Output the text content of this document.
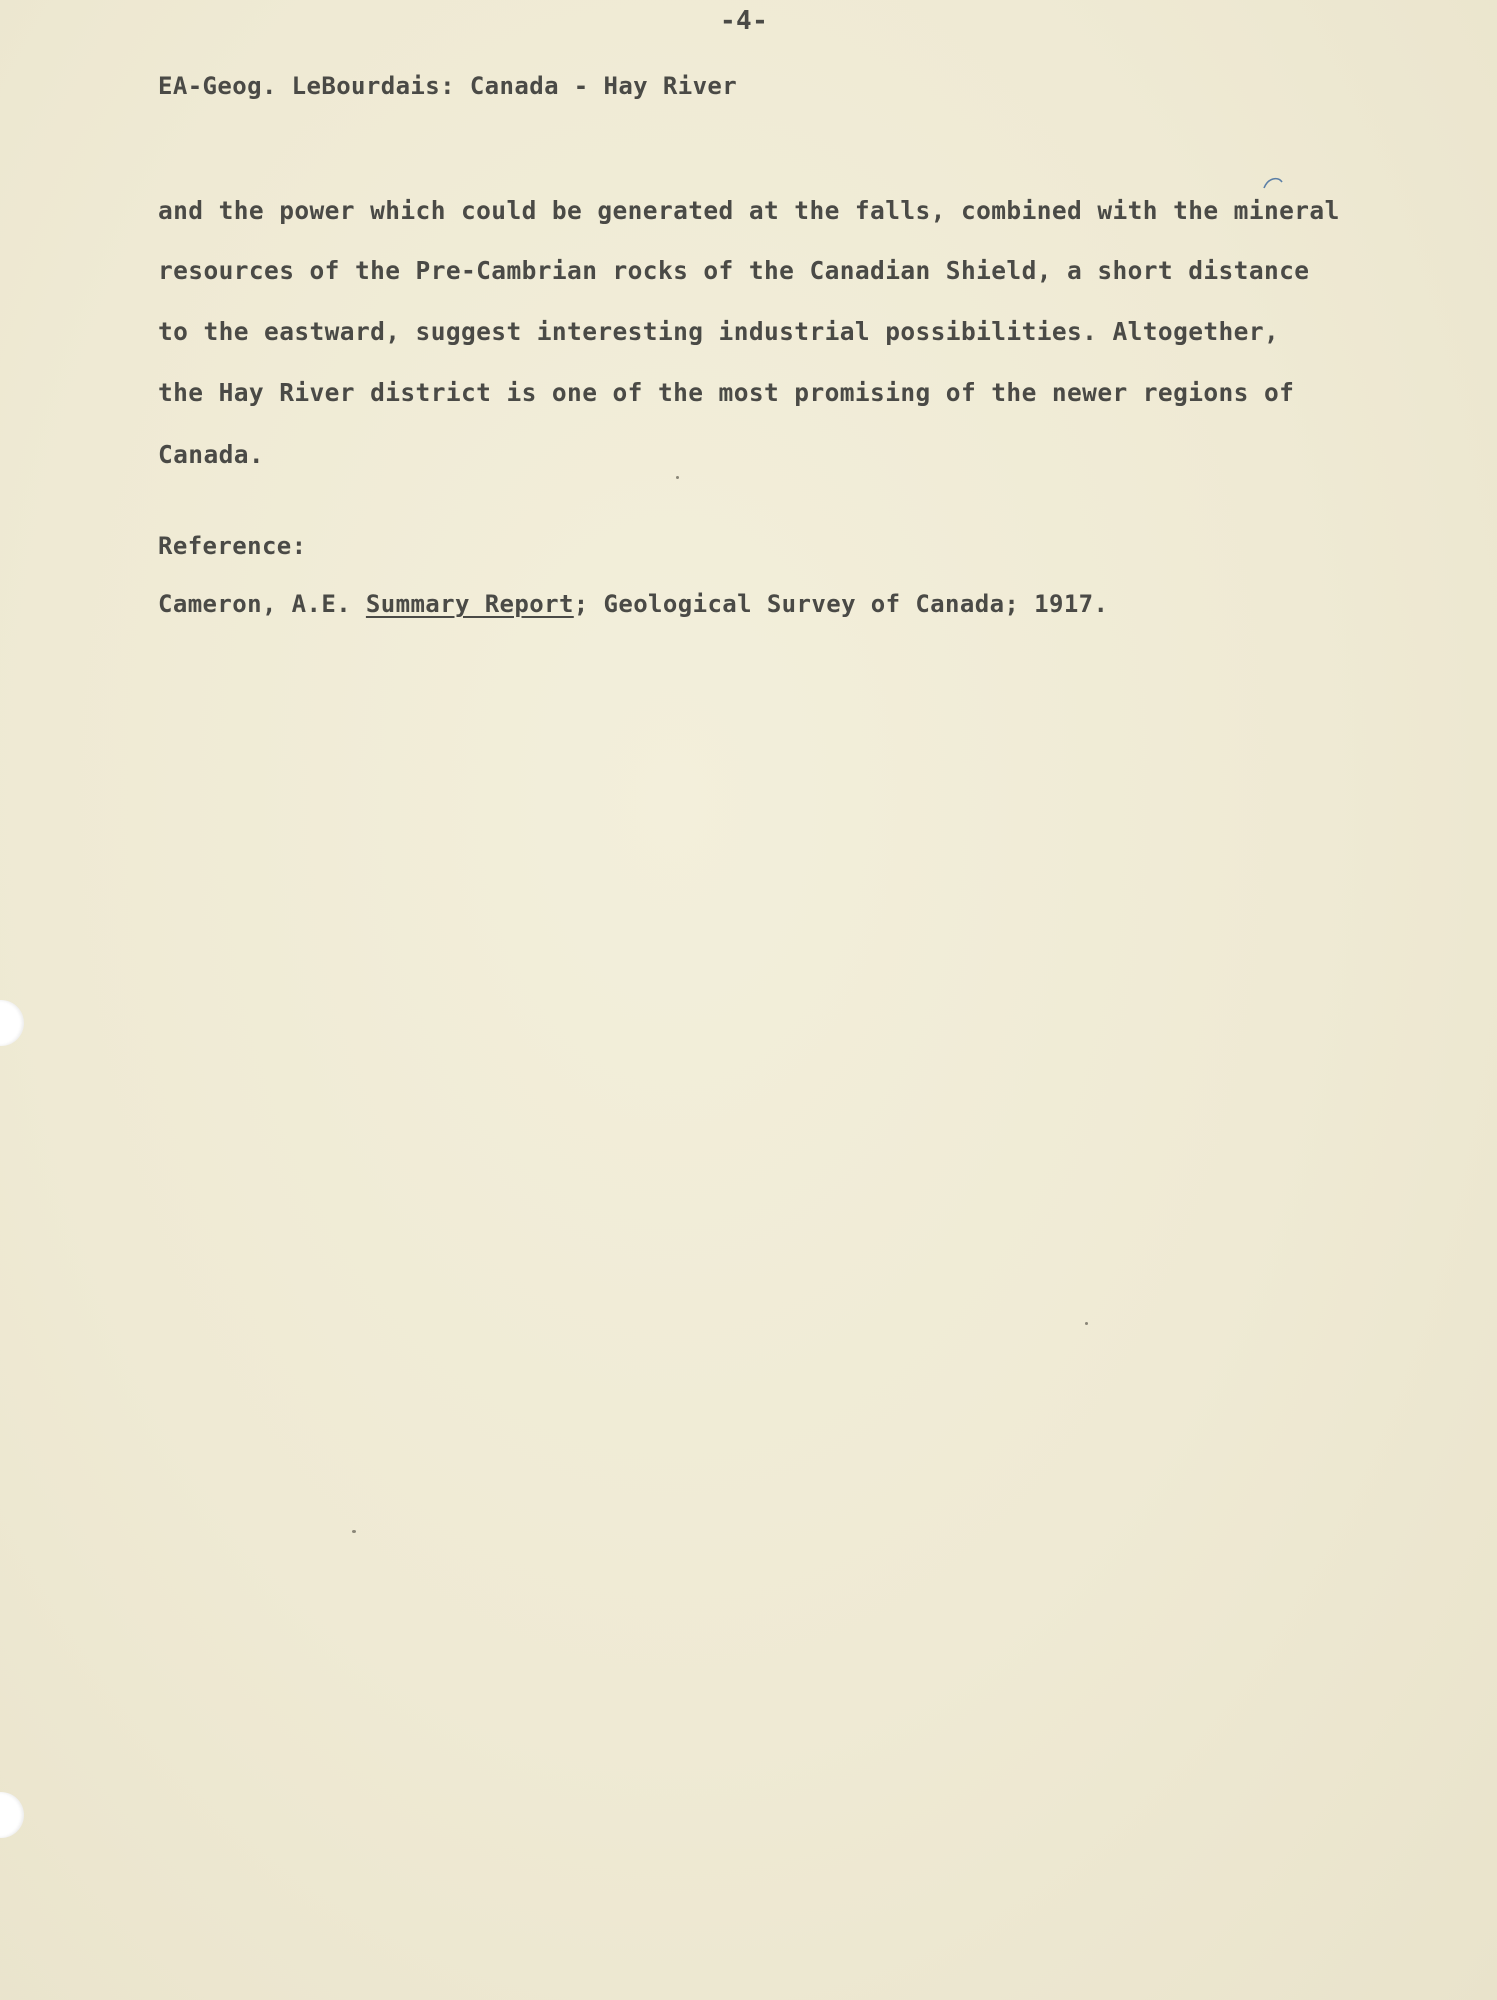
-4-
EA-Geog. LeBourdais: Canada - Hay River
and the power which could be generated at the falls, combined with the mineral
resources of the Pre-Cambrian rocks of the Canadian Shield, a short distance
to the eastward, suggest interesting industrial possibilities. Altogether,
the Hay River district is one of the most promising of the newer regions of
Canada.
Reference:
Cameron, A.E. Summary Report; Geological Survey of Canada; 1917.
